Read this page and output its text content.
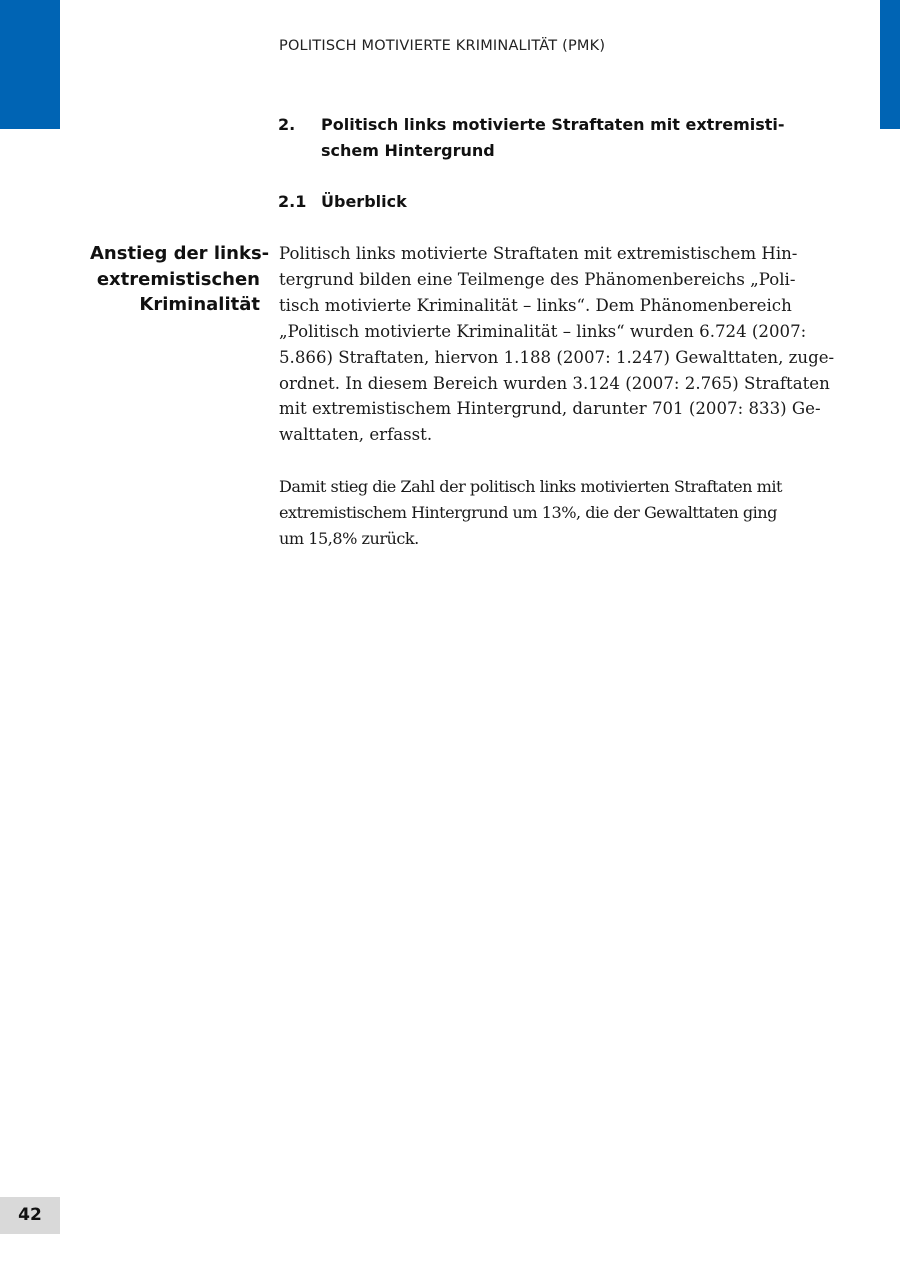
POLITISCH MOTIVIERTE KRIMINALITÄT (PMK)
2. Politisch links motivierte Straftaten mit extremisti-
schem Hintergrund
2.1 Überblick
Anstieg der links-
extremistischen
Kriminalität
Politisch links motivierte Straftaten mit extremistischem Hin-
tergrund bilden eine Teilmenge des Phänomenbereichs „Poli-
tisch motivierte Kriminalität – links“. Dem Phänomenbereich
„Politisch motivierte Kriminalität – links“ wurden 6.724 (2007:
5.866) Straftaten, hiervon 1.188 (2007: 1.247) Gewalttaten, zuge-
ordnet. In diesem Bereich wurden 3.124 (2007: 2.765) Straftaten
mit extremistischem Hintergrund, darunter 701 (2007: 833) Ge-
walttaten, erfasst.
Damit stieg die Zahl der politisch links motivierten Straftaten mit
extremistischem Hintergrund um 13%, die der Gewalttaten ging
um 15,8% zurück.
42
